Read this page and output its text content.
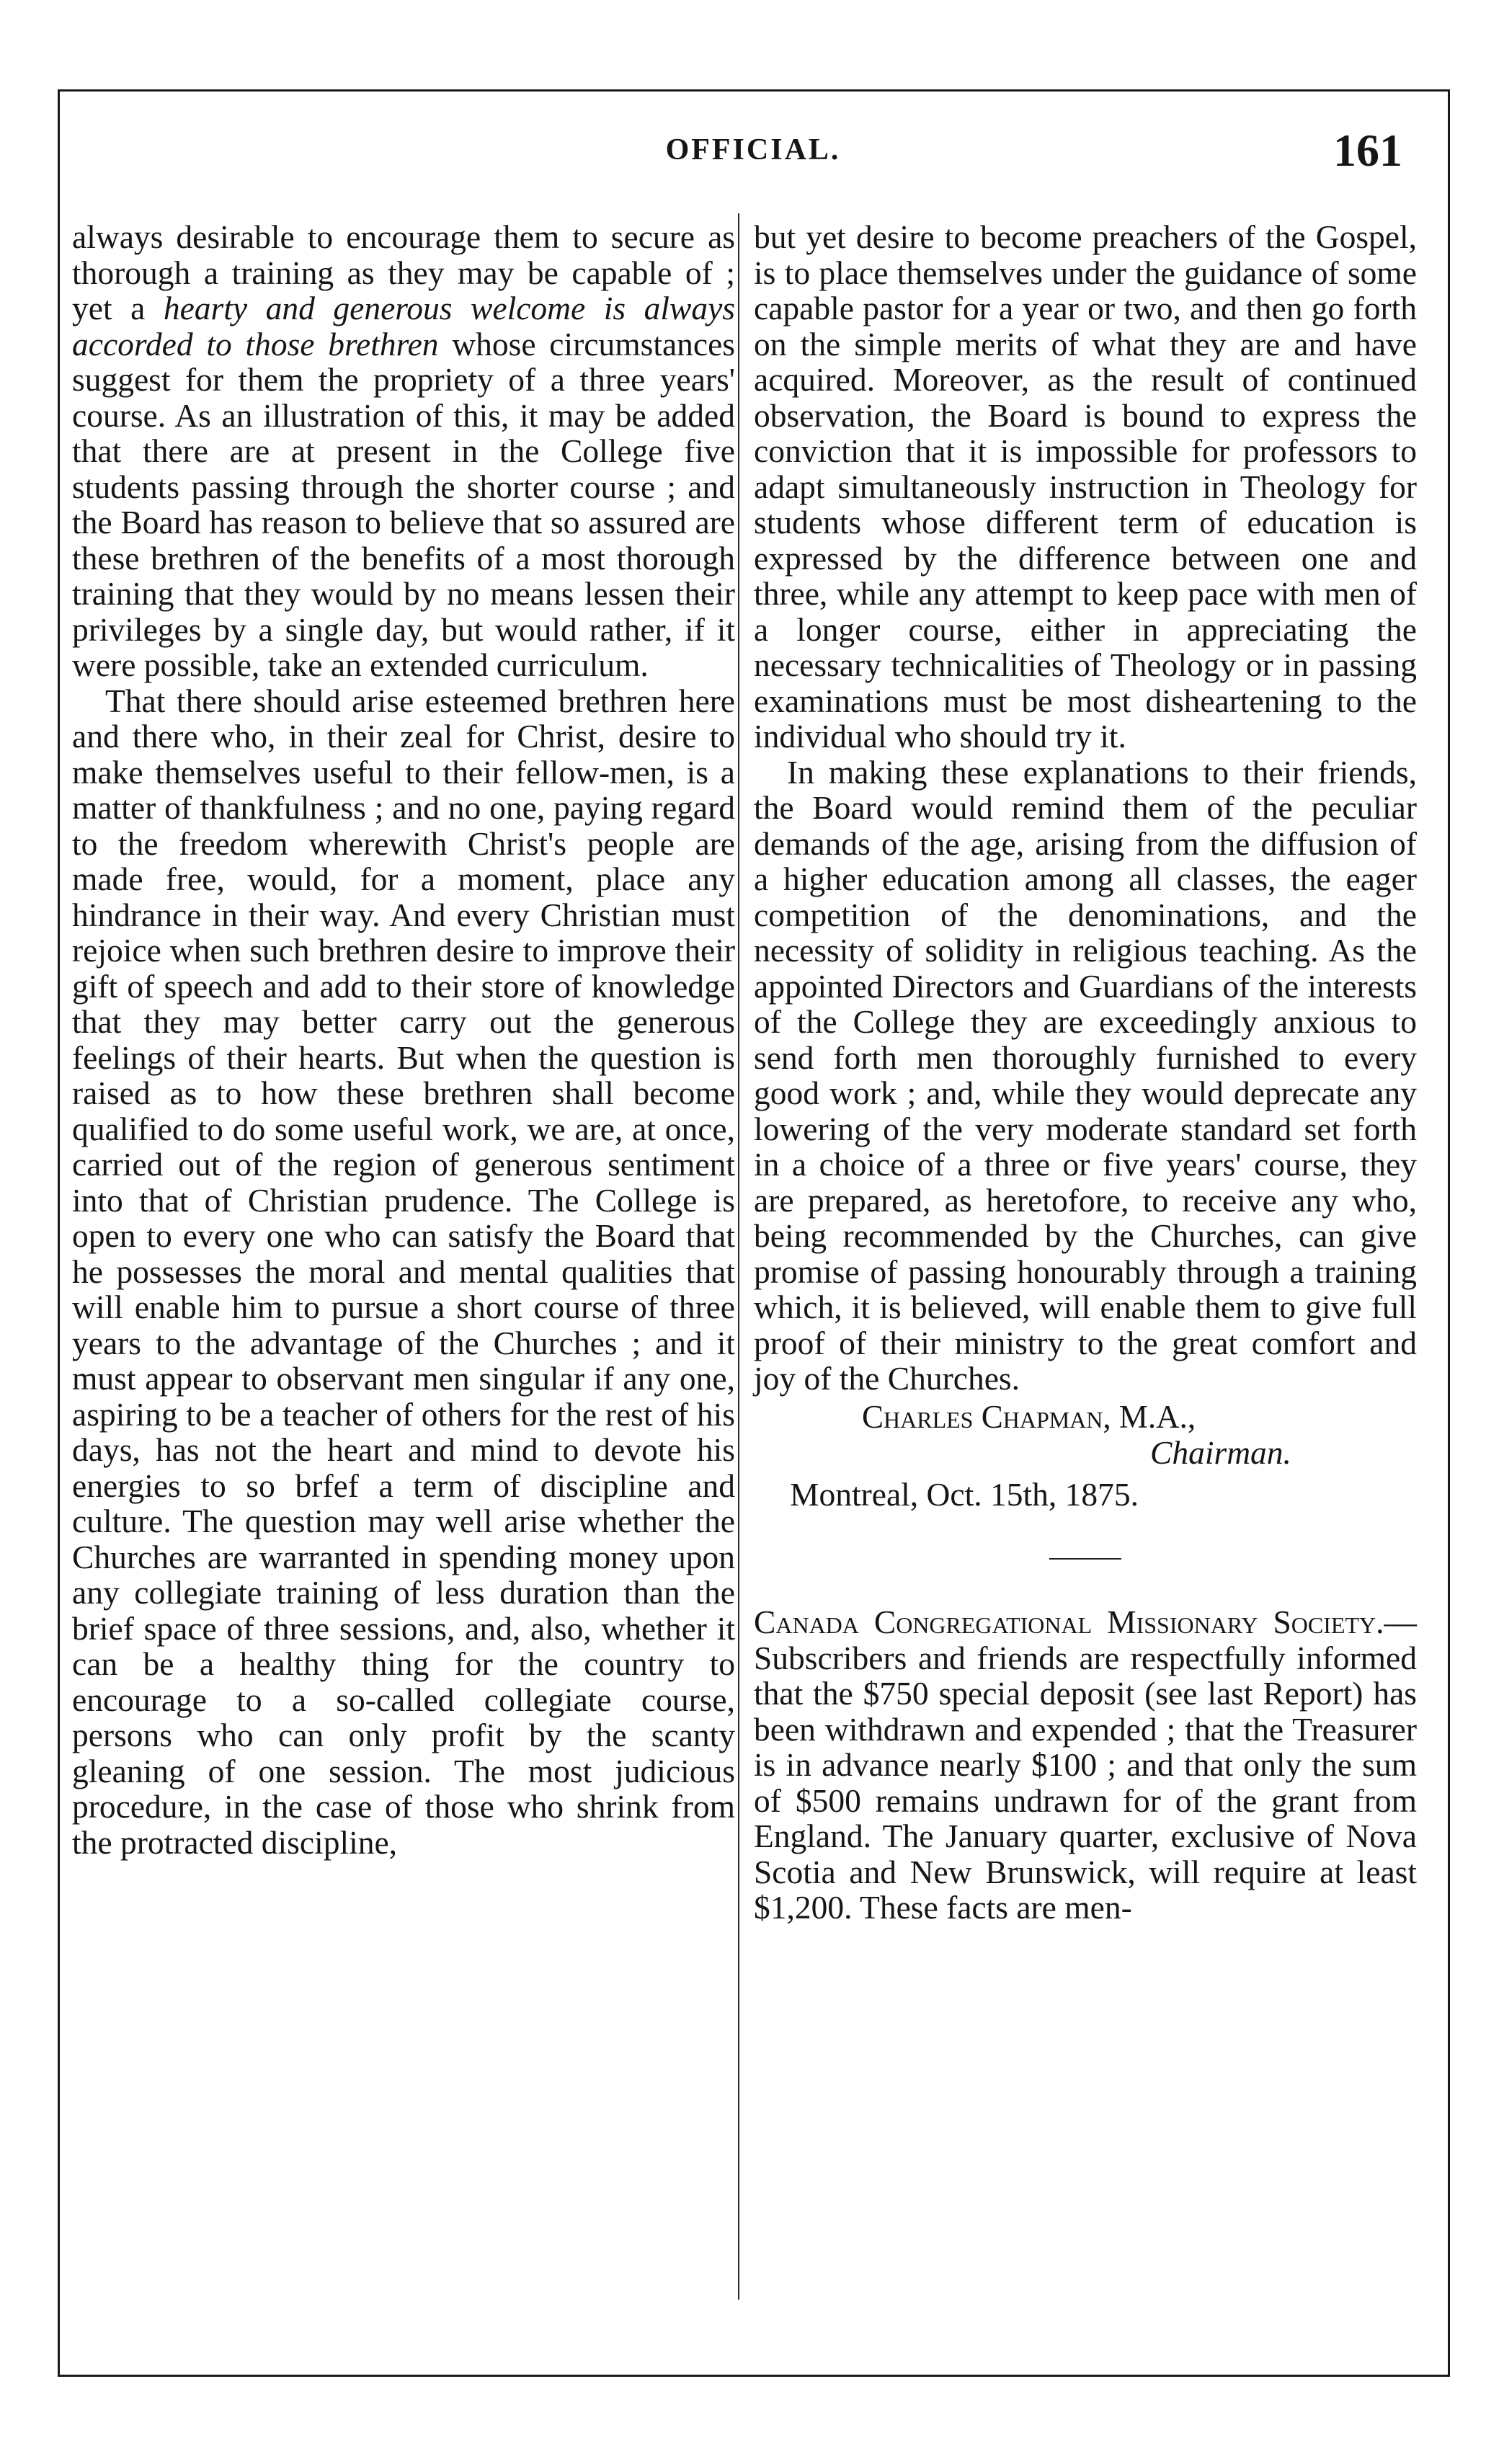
OFFICIAL.	161

always desirable to encourage them to secure as thorough a training as they may be capable of ; yet a hearty and generous welcome is always accorded to those brethren whose circumstances suggest for them the propriety of a three years' course. As an illustration of this, it may be added that there are at present in the College five students passing through the shorter course ; and the Board has reason to believe that so assured are these brethren of the benefits of a most thorough training that they would by no means lessen their privileges by a single day, but would rather, if it were possible, take an extended curriculum.

That there should arise esteemed brethren here and there who, in their zeal for Christ, desire to make themselves useful to their fellow-men, is a matter of thankfulness ; and no one, paying regard to the freedom wherewith Christ's people are made free, would, for a moment, place any hindrance in their way. And every Christian must rejoice when such brethren desire to improve their gift of speech and add to their store of knowledge that they may better carry out the generous feelings of their hearts. But when the question is raised as to how these brethren shall become qualified to do some useful work, we are, at once, carried out of the region of generous sentiment into that of Christian prudence. The College is open to every one who can satisfy the Board that he possesses the moral and mental qualities that will enable him to pursue a short course of three years to the advantage of the Churches ; and it must appear to observant men singular if any one, aspiring to be a teacher of others for the rest of his days, has not the heart and mind to devote his energies to so brfef a term of discipline and culture. The question may well arise whether the Churches are warranted in spending money upon any collegiate training of less duration than the brief space of three sessions, and, also, whether it can be a healthy thing for the country to encourage to a so-called collegiate course, persons who can only profit by the scanty gleaning of one session. The most judicious procedure, in the case of those who shrink from the protracted discipline,

but yet desire to become preachers of the Gospel, is to place themselves under the guidance of some capable pastor for a year or two, and then go forth on the simple merits of what they are and have acquired. Moreover, as the result of continued observation, the Board is bound to express the conviction that it is impossible for professors to adapt simultaneously instruction in Theology for students whose different term of education is expressed by the difference between one and three, while any attempt to keep pace with men of a longer course, either in appreciating the necessary technicalities of Theology or in passing examinations must be most disheartening to the individual who should try it.

In making these explanations to their friends, the Board would remind them of the peculiar demands of the age, arising from the diffusion of a higher education among all classes, the eager competition of the denominations, and the necessity of solidity in religious teaching. As the appointed Directors and Guardians of the interests of the College they are exceedingly anxious to send forth men thoroughly furnished to every good work ; and, while they would deprecate any lowering of the very moderate standard set forth in a choice of a three or five years' course, they are prepared, as heretofore, to receive any who, being recommended by the Churches, can give promise of passing honourably through a training which, it is believed, will enable them to give full proof of their ministry to the great comfort and joy of the Churches.

Charles Chapman, M.A.,
Chairman.
Montreal, Oct. 15th, 1875.

Canada Congregational Missionary Society.—Subscribers and friends are respectfully informed that the $750 special deposit (see last Report) has been withdrawn and expended ; that the Treasurer is in advance nearly $100 ; and that only the sum of $500 remains undrawn for of the grant from England. The January quarter, exclusive of Nova Scotia and New Brunswick, will require at least $1,200. These facts are men-
